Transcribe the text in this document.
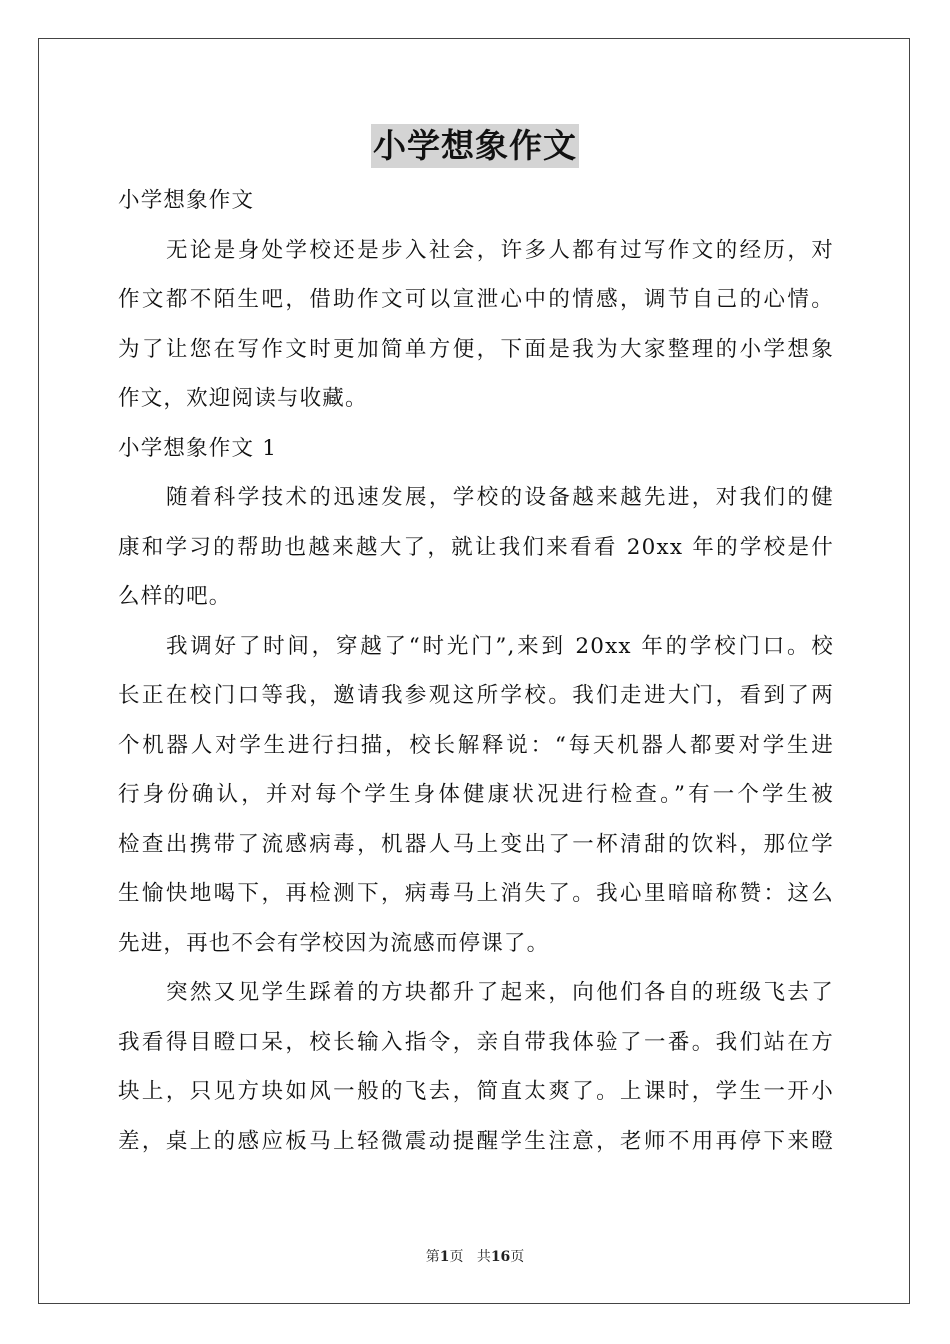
小学想象作文
小学想象作文
无论是身处学校还是步入社会，许多人都有过写作文的经历，对
作文都不陌生吧，借助作文可以宣泄心中的情感，调节自己的心情。
为了让您在写作文时更加简单方便，下面是我为大家整理的小学想象
作文，欢迎阅读与收藏。
小学想象作文 1
随着科学技术的迅速发展，学校的设备越来越先进，对我们的健
康和学习的帮助也越来越大了，就让我们来看看 20xx 年的学校是什
么样的吧。
我调好了时间，穿越了“时光门”,来到 20xx 年的学校门口。校
长正在校门口等我，邀请我参观这所学校。我们走进大门，看到了两
个机器人对学生进行扫描，校长解释说：“每天机器人都要对学生进
行身份确认，并对每个学生身体健康状况进行检查。”有一个学生被
检查出携带了流感病毒，机器人马上变出了一杯清甜的饮料，那位学
生愉快地喝下，再检测下，病毒马上消失了。我心里暗暗称赞：这么
先进，再也不会有学校因为流感而停课了。
突然又见学生踩着的方块都升了起来，向他们各自的班级飞去了
我看得目瞪口呆，校长输入指令，亲自带我体验了一番。我们站在方
块上，只见方块如风一般的飞去，简直太爽了。上课时，学生一开小
差，桌上的感应板马上轻微震动提醒学生注意，老师不用再停下来瞪
第1页 共16页
